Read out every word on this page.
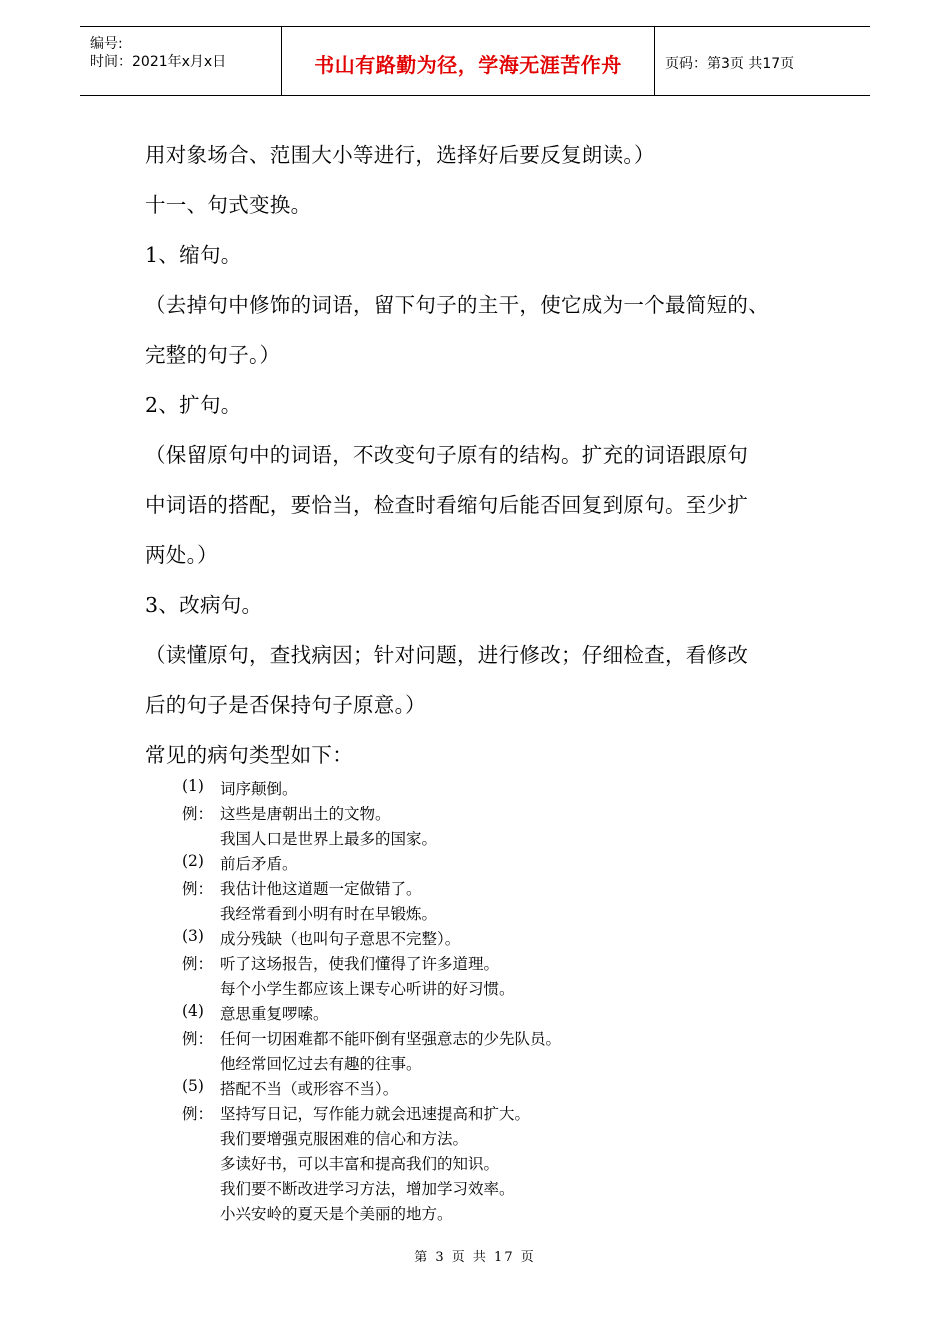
编号:
时间：2021年x月x日	书山有路勤为径，学海无涯苦作舟	页码：第3页 共17页
用对象场合、范围大小等进行，选择好后要反复朗读。）
十一、句式变换。
1、缩句。
（去掉句中修饰的词语，留下句子的主干，使它成为一个最简短的、
完整的句子。）
2、扩句。
（保留原句中的词语，不改变句子原有的结构。扩充的词语跟原句
中词语的搭配，要恰当，检查时看缩句后能否回复到原句。至少扩
两处。）
3、改病句。
（读懂原句，查找病因；针对问题，进行修改；仔细检查，看修改
后的句子是否保持句子原意。）
常见的病句类型如下：
(1) 词序颠倒。
例： 这些是唐朝出土的文物。
我国人口是世界上最多的国家。
(2) 前后矛盾。
例： 我估计他这道题一定做错了。
我经常看到小明有时在早锻炼。
(3) 成分残缺（也叫句子意思不完整）。
例： 听了这场报告，使我们懂得了许多道理。
每个小学生都应该上课专心听讲的好习惯。
(4) 意思重复啰嗦。
例： 任何一切困难都不能吓倒有坚强意志的少先队员。
他经常回忆过去有趣的往事。
(5) 搭配不当（或形容不当）。
例： 坚持写日记，写作能力就会迅速提高和扩大。
我们要增强克服困难的信心和方法。
多读好书，可以丰富和提高我们的知识。
我们要不断改进学习方法，增加学习效率。
小兴安岭的夏天是个美丽的地方。
第 3 页 共 17 页
